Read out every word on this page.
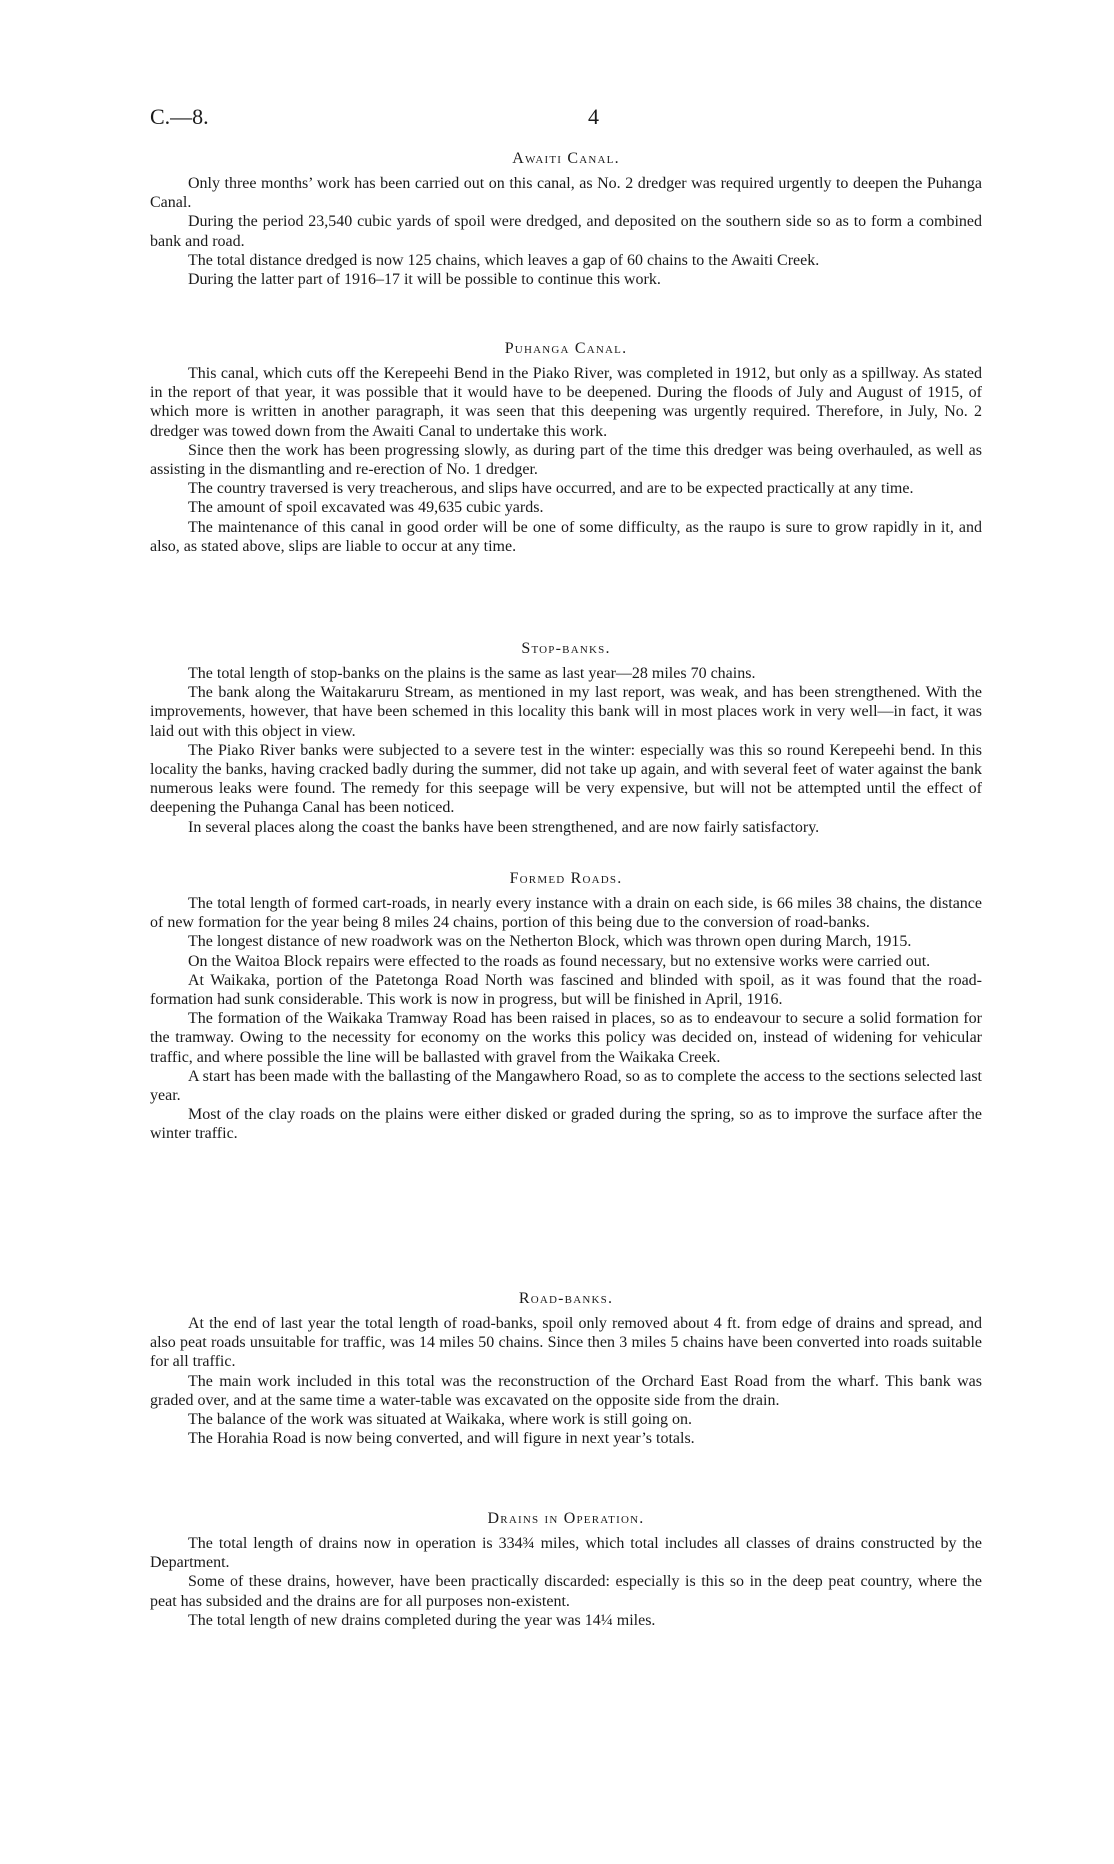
C.—8.	4
Awaiti Canal.

Only three months’ work has been carried out on this canal, as No. 2 dredger was required urgently to deepen the Puhanga Canal.

During the period 23,540 cubic yards of spoil were dredged, and deposited on the southern side so as to form a combined bank and road.

The total distance dredged is now 125 chains, which leaves a gap of 60 chains to the Awaiti Creek.

During the latter part of 1916–17 it will be possible to continue this work.

Puhanga Canal.

This canal, which cuts off the Kerepeehi Bend in the Piako River, was completed in 1912, but only as a spillway. As stated in the report of that year, it was possible that it would have to be deepened. During the floods of July and August of 1915, of which more is written in another paragraph, it was seen that this deepening was urgently required. Therefore, in July, No. 2 dredger was towed down from the Awaiti Canal to undertake this work.

Since then the work has been progressing slowly, as during part of the time this dredger was being overhauled, as well as assisting in the dismantling and re-erection of No. 1 dredger.

The country traversed is very treacherous, and slips have occurred, and are to be expected practically at any time.

The amount of spoil excavated was 49,635 cubic yards.

The maintenance of this canal in good order will be one of some difficulty, as the raupo is sure to grow rapidly in it, and also, as stated above, slips are liable to occur at any time.

Stop-banks.

The total length of stop-banks on the plains is the same as last year—28 miles 70 chains.

The bank along the Waitakaruru Stream, as mentioned in my last report, was weak, and has been strengthened. With the improvements, however, that have been schemed in this locality this bank will in most places work in very well—in fact, it was laid out with this object in view.

The Piako River banks were subjected to a severe test in the winter: especially was this so round Kerepeehi bend. In this locality the banks, having cracked badly during the summer, did not take up again, and with several feet of water against the bank numerous leaks were found. The remedy for this seepage will be very expensive, but will not be attempted until the effect of deepening the Puhanga Canal has been noticed.

In several places along the coast the banks have been strengthened, and are now fairly satisfactory.

Formed Roads.

The total length of formed cart-roads, in nearly every instance with a drain on each side, is 66 miles 38 chains, the distance of new formation for the year being 8 miles 24 chains, portion of this being due to the conversion of road-banks.

The longest distance of new roadwork was on the Netherton Block, which was thrown open during March, 1915.

On the Waitoa Block repairs were effected to the roads as found necessary, but no extensive works were carried out.

At Waikaka, portion of the Patetonga Road North was fascined and blinded with spoil, as it was found that the road-formation had sunk considerable. This work is now in progress, but will be finished in April, 1916.

The formation of the Waikaka Tramway Road has been raised in places, so as to endeavour to secure a solid formation for the tramway. Owing to the necessity for economy on the works this policy was decided on, instead of widening for vehicular traffic, and where possible the line will be ballasted with gravel from the Waikaka Creek.

A start has been made with the ballasting of the Mangawhero Road, so as to complete the access to the sections selected last year.

Most of the clay roads on the plains were either disked or graded during the spring, so as to improve the surface after the winter traffic.

Road-banks.

At the end of last year the total length of road-banks, spoil only removed about 4 ft. from edge of drains and spread, and also peat roads unsuitable for traffic, was 14 miles 50 chains. Since then 3 miles 5 chains have been converted into roads suitable for all traffic.

The main work included in this total was the reconstruction of the Orchard East Road from the wharf. This bank was graded over, and at the same time a water-table was excavated on the opposite side from the drain.

The balance of the work was situated at Waikaka, where work is still going on.

The Horahia Road is now being converted, and will figure in next year’s totals.

Drains in Operation.

The total length of drains now in operation is 334¾ miles, which total includes all classes of drains constructed by the Department.

Some of these drains, however, have been practically discarded: especially is this so in the deep peat country, where the peat has subsided and the drains are for all purposes non-existent.

The total length of new drains completed during the year was 14¼ miles.
